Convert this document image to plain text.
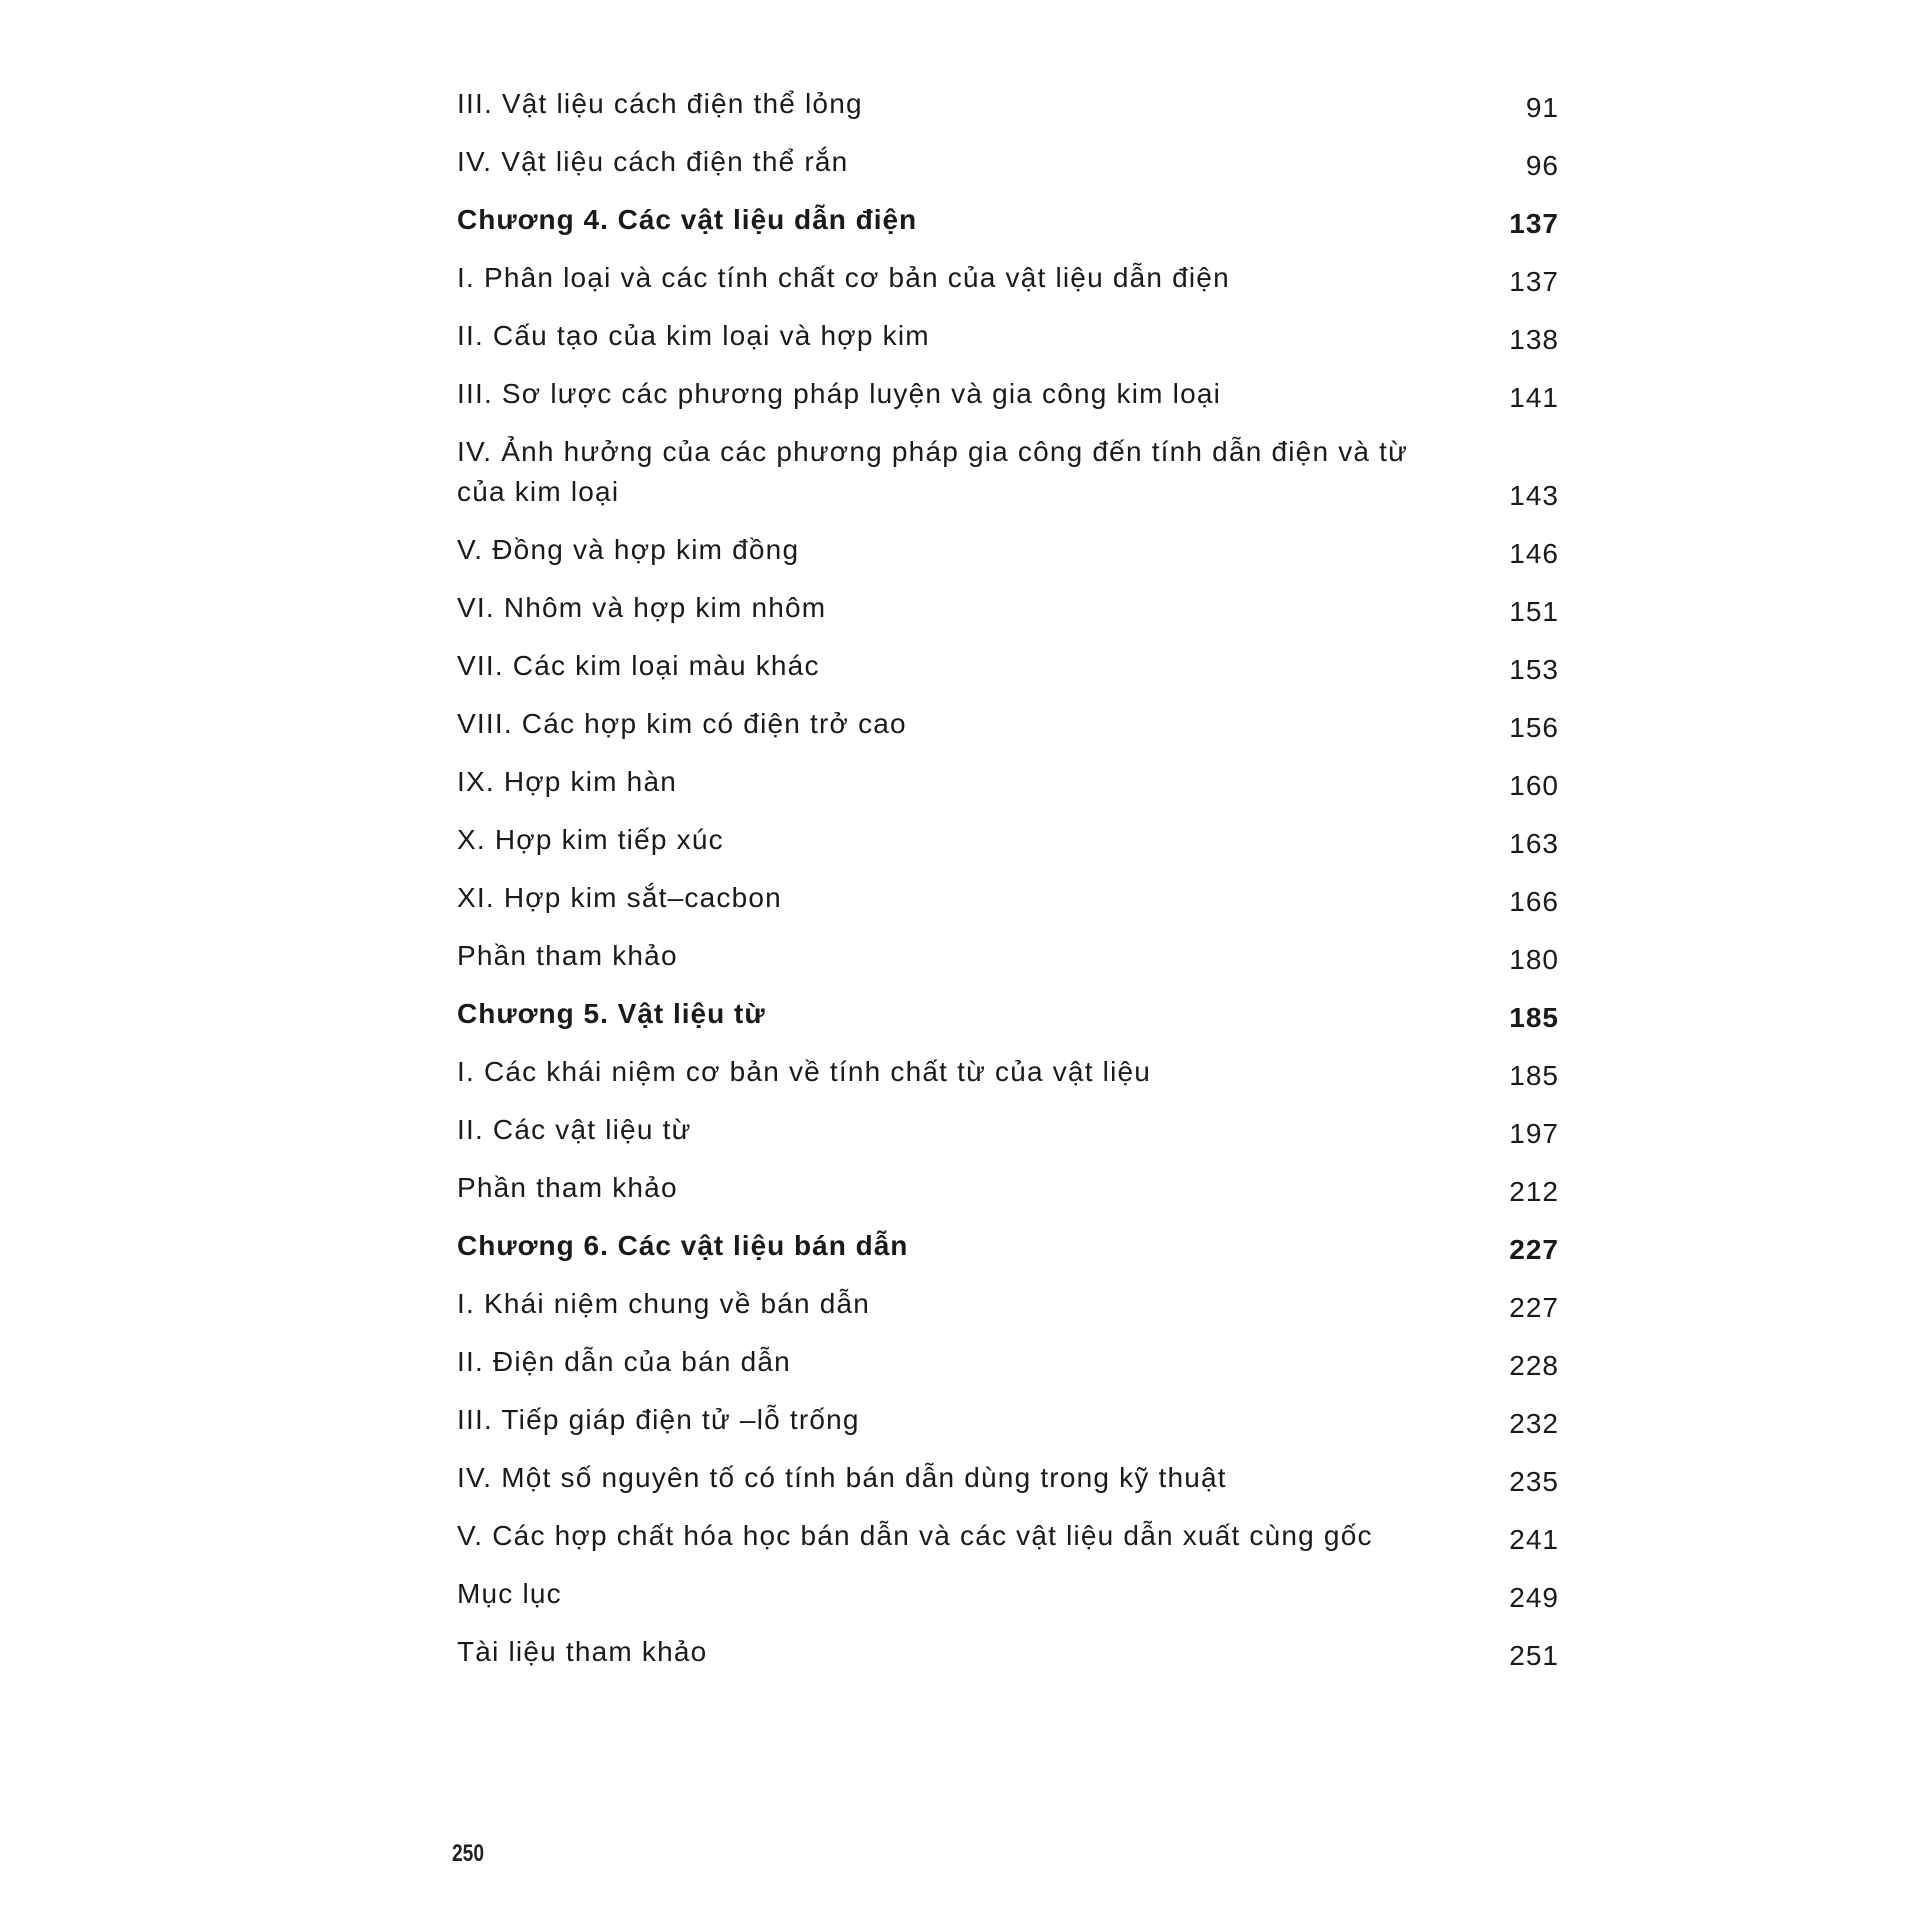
III. Vật liệu cách điện thể lỏng	91
IV. Vật liệu cách điện thể rắn	96
Chương 4. Các vật liệu dẫn điện	137
I. Phân loại và các tính chất cơ bản của vật liệu dẫn điện	137
II. Cấu tạo của kim loại và hợp kim	138
III. Sơ lược các phương pháp luyện và gia công kim loại	141
IV. Ảnh hưởng của các phương pháp gia công đến tính dẫn điện và từ của kim loại	143
V. Đồng và hợp kim đồng	146
VI. Nhôm và hợp kim nhôm	151
VII. Các kim loại màu khác	153
VIII. Các hợp kim có điện trở cao	156
IX. Hợp kim hàn	160
X. Hợp kim tiếp xúc	163
XI. Hợp kim sắt–cacbon	166
Phần tham khảo	180
Chương 5. Vật liệu từ	185
I. Các khái niệm cơ bản về tính chất từ của vật liệu	185
II. Các vật liệu từ	197
Phần tham khảo	212
Chương 6. Các vật liệu bán dẫn	227
I. Khái niệm chung về bán dẫn	227
II. Điện dẫn của bán dẫn	228
III. Tiếp giáp điện tử –lỗ trống	232
IV. Một số nguyên tố có tính bán dẫn dùng trong kỹ thuật	235
V. Các hợp chất hóa học bán dẫn và các vật liệu dẫn xuất cùng gốc	241
Mục lục	249
Tài liệu tham khảo	251
250
